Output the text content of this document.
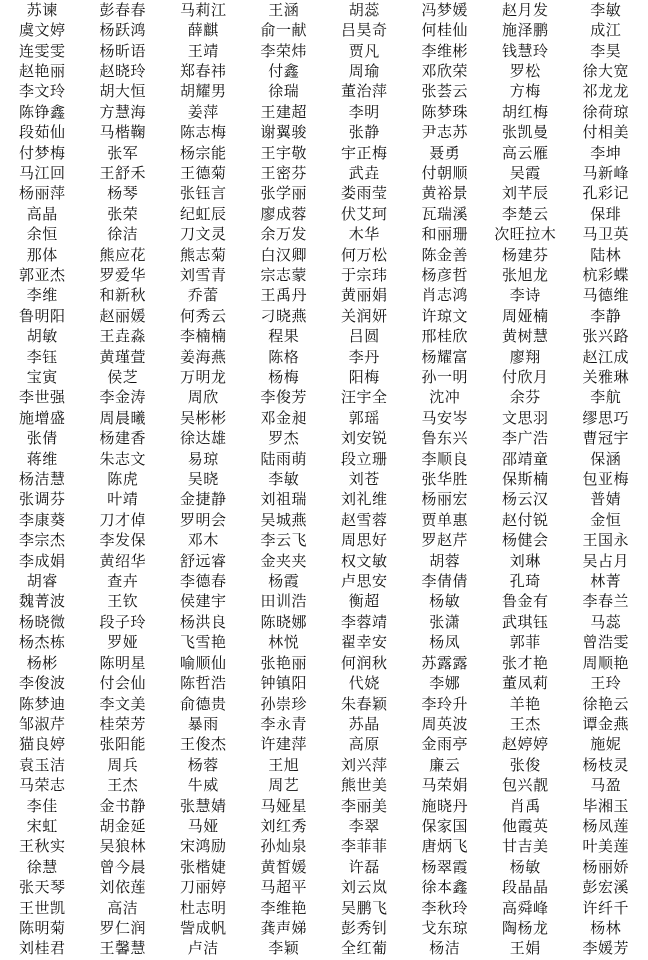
苏谏	彭春春	马莉江	王涵	胡蕊	冯梦媛	赵月发	李敏
虞文婷	杨跃鸿	薛麒	俞一献	吕昊奇	何桂仙	施泽鹏	成江
连雯雯	杨昕语	王靖	李荣炜	贾凡	李维彬	钱慧玲	李昊
赵艳丽	赵晓玲	郑春祎	付鑫	周瑜	邓欣荣	罗松	徐大宽
李文玲	胡大恒	胡耀男	徐瑞	董治萍	张荟云	方梅	祁龙龙
陈铮鑫	方慧海	姜萍	王建超	李明	陈梦珠	胡红梅	徐荷琼
段茹仙	马楷鞠	陈志梅	谢翼骏	张静	尹志苏	张凯曼	付相美
付梦梅	张军	杨宗能	王宇敬	宇正梅	聂勇	高云雁	李坤
马江回	王舒禾	王德菊	王密芬	武垚	付朝顺	吴霞	马新峰
杨丽萍	杨琴	张钰言	张学丽	娄雨莹	黄裕景	刘芊辰	孔彩记
高晶	张荣	纪虹辰	廖成蓉	伏艾珂	瓦瑞溪	李楚云	保琲
余恒	徐洁	刀文灵	余万发	木华	和丽珊	次旺拉木	马卫英
那体	熊应花	熊志菊	白汉卿	何万松	陈金善	杨建芬	陆林
郭亚杰	罗爱华	刘雪青	宗志蒙	于宗玮	杨彦哲	张旭龙	杭彩蝶
李维	和新秋	乔蕾	王禹丹	黄丽娟	肖志鸿	李诗	马德维
鲁明阳	赵丽媛	何秀云	刁晓燕	关润妍	许琼文	周娅楠	李静
胡敏	王垚淼	李楠楠	程果	吕圆	邢桂欣	黄树慧	张兴路
李钰	黄瑾萱	姜海燕	陈格	李丹	杨耀富	廖翔	赵江成
宝寅	侯芝	万明龙	杨梅	阳梅	孙一明	付欣月	关雅琳
李世强	李金涛	周欣	李俊芳	汪宇全	沈冲	余芬	李航
施增盛	周晨曦	吴彬彬	邓金昶	郭瑶	马安岑	文思羽	缪思巧
张倩	杨建香	徐达雄	罗杰	刘安锐	鲁东兴	李广浩	曹冠宇
蒋维	朱志文	易琼	陆雨萌	段立珊	李顺良	邵靖童	保涵
杨洁慧	陈虎	吴晓	李敏	刘苍	张华胜	保斯楠	包亚梅
张调芬	叶靖	金捷静	刘祖瑞	刘礼维	杨丽宏	杨云汉	普婧
李康葵	刀才倬	罗明会	吴城燕	赵雪蓉	贾单惠	赵付锐	金恒
李宗杰	李发保	邓木	李云飞	周思好	罗赵芹	杨健会	王国永
李成娟	黄绍华	舒远睿	金夹夹	权文敏	胡蓉	刘琳	吴占月
胡睿	查卉	李德春	杨霞	卢思安	李倩倩	孔琦	林菁
魏菁波	王钦	侯建宇	田训浩	衡超	杨敏	鲁金有	李春兰
杨晓微	段子玲	杨洪良	陈晓娜	李蓉靖	张潇	武琪钰	马蕊
杨杰栋	罗娅	飞雪艳	林悦	翟幸安	杨凤	郭菲	曾浩雯
杨彬	陈明星	喻顺仙	张艳丽	何润秋	苏露露	张才艳	周顺艳
李俊波	付会仙	陈哲浩	钟镇阳	代娆	李娜	董凤莉	王玲
陈梦迪	李文美	俞德贵	孙崇珍	朱春颖	李玲升	羊艳	徐艳云
邹淑芹	桂荣芳	暴雨	李永青	苏晶	周英波	王杰	谭金燕
猫良婷	张阳能	王俊杰	许建萍	高原	金雨亭	赵婷婷	施妮
袁玉洁	周兵	杨蓉	王旭	刘兴萍	廉云	张俊	杨枝灵
马荣志	王杰	牛威	周艺	熊世美	马荣娟	包兴靓	马盈
李佳	金书静	张慧婧	马娅星	李丽美	施晓丹	肖禹	毕湘玉
宋虹	胡金延	马娅	刘红秀	李翠	保家国	他霞英	杨凤莲
王秋实	吴狼林	宋鸿励	孙灿泉	李菲菲	唐炳飞	甘吉美	叶美莲
徐慧	曾今晨	张楷婕	黄皙媛	许磊	杨翠霞	杨敏	杨丽娇
张天琴	刘依莲	刀丽婷	马超平	刘云岚	徐本鑫	段晶晶	彭宏溪
王世凯	高洁	杜志明	李维艳	吴鹏飞	李秋玲	高舜峰	许纤千
陈明菊	罗仁润	訾成帆	龚声娣	彭秀钊	戈东琼	陶杨龙	杨林
刘桂君	王馨慧	卢洁	李颖	全红葡	杨洁	王娟	李媛芳
